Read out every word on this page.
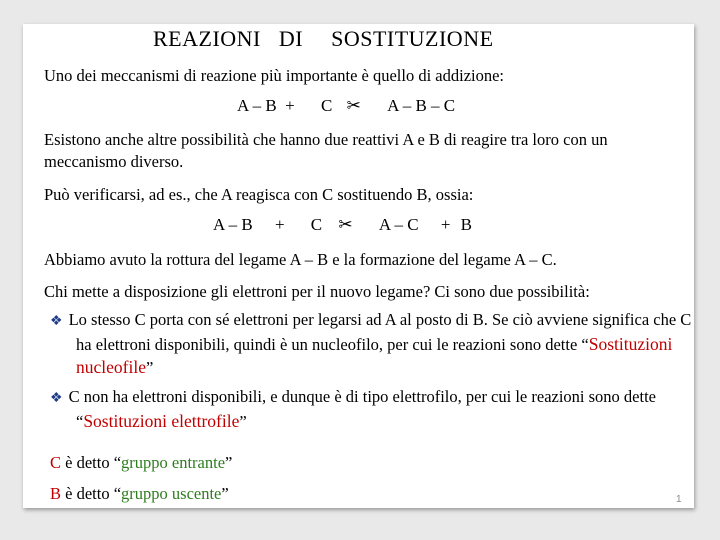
REAZIONI   DI SOSTITUZIONE
Uno dei meccanismi di reazione più importante è quello di addizione:
A – B  + C ✂ A – B – C
Esistono anche altre possibilità che hanno due reattivi A e B di reagire tra loro con un meccanismo diverso.
Può verificarsi, ad es., che A reagisca con C sostituendo B, ossia:
A – B + C ✂ A – C + B
Abbiamo avuto la rottura del legame A – B e la formazione del legame A – C.
Chi mette a disposizione gli elettroni per il nuovo legame? Ci sono due possibilità:
❖ Lo stesso C porta con sé elettroni per legarsi ad A al posto di B. Se ciò avviene significa che C ha elettroni disponibili, quindi è un nucleofilo, per cui le reazioni sono dette “Sostituzioni nucleofile”
❖ C non ha elettroni disponibili, e dunque è di tipo elettrofilo, per cui le reazioni sono dette “Sostituzioni elettrofile”
C è detto “gruppo entrante”
B è detto “gruppo uscente”	1
